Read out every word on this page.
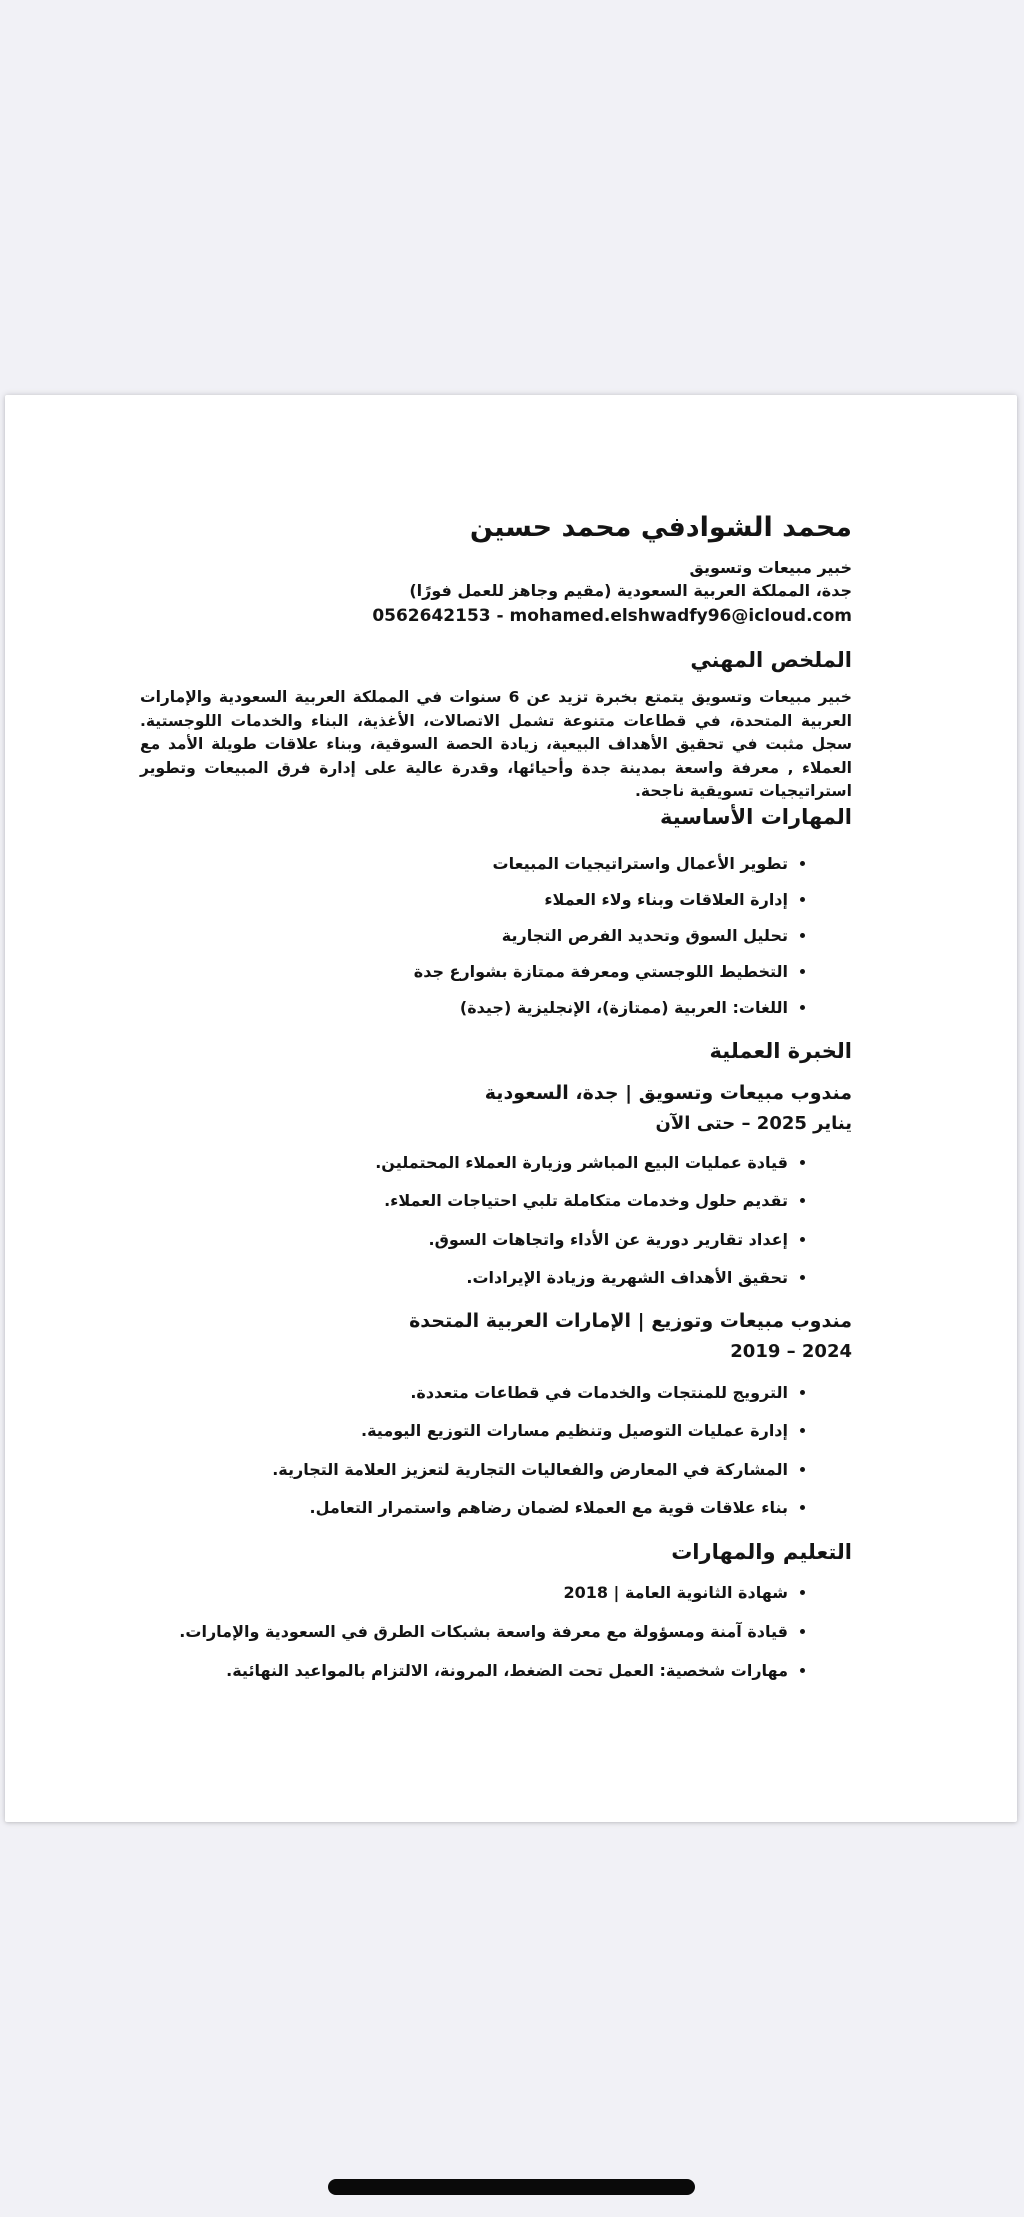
محمد الشوادفي محمد حسين
خبير مبيعات وتسويق
جدة، المملكة العربية السعودية (مقيم وجاهز للعمل فورًا)
0562642153 - mohamed.elshwadfy96@icloud.com
الملخص المهني
خبير مبيعات وتسويق يتمتع بخبرة تزيد عن 6 سنوات في المملكة العربية السعودية والإمارات العربية المتحدة، في قطاعات متنوعة تشمل الاتصالات، الأغذية، البناء والخدمات اللوجستية. سجل مثبت في تحقيق الأهداف البيعية، زيادة الحصة السوقية، وبناء علاقات طويلة الأمد مع العملاء , معرفة واسعة بمدينة جدة وأحيائها، وقدرة عالية على إدارة فرق المبيعات وتطوير استراتيجيات تسويقية ناجحة.
المهارات الأساسية
تطوير الأعمال واستراتيجيات المبيعات
إدارة العلاقات وبناء ولاء العملاء
تحليل السوق وتحديد الفرص التجارية
التخطيط اللوجستي ومعرفة ممتازة بشوارع جدة
اللغات: العربية (ممتازة)، الإنجليزية (جيدة)
الخبرة العملية
مندوب مبيعات وتسويق | جدة، السعودية
يناير 2025 – حتى الآن
قيادة عمليات البيع المباشر وزيارة العملاء المحتملين.
تقديم حلول وخدمات متكاملة تلبي احتياجات العملاء.
إعداد تقارير دورية عن الأداء واتجاهات السوق.
تحقيق الأهداف الشهرية وزيادة الإيرادات.
مندوب مبيعات وتوزيع | الإمارات العربية المتحدة
2019 – 2024
الترويج للمنتجات والخدمات في قطاعات متعددة.
إدارة عمليات التوصيل وتنظيم مسارات التوزيع اليومية.
المشاركة في المعارض والفعاليات التجارية لتعزيز العلامة التجارية.
بناء علاقات قوية مع العملاء لضمان رضاهم واستمرار التعامل.
التعليم والمهارات
شهادة الثانوية العامة | 2018
قيادة آمنة ومسؤولة مع معرفة واسعة بشبكات الطرق في السعودية والإمارات.
مهارات شخصية: العمل تحت الضغط، المرونة، الالتزام بالمواعيد النهائية.
